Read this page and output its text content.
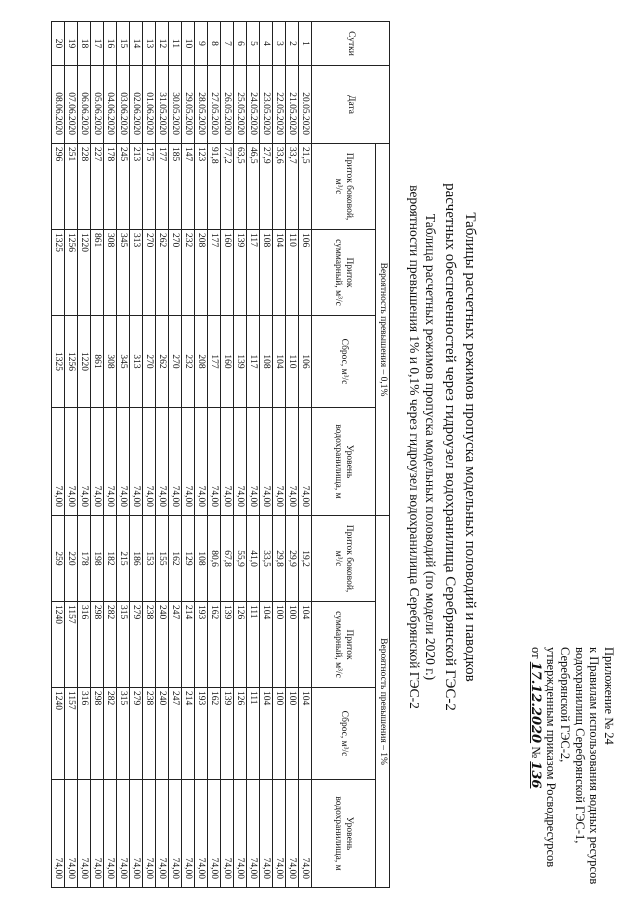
Приложение № 24
к Правилам использования водных ресурсов
водохранилищ Серебрянской ГЭС-1,
Серебрянской ГЭС-2,
утвержденным приказом Росводресурсов
от 17.12.2020 № 136
Таблицы расчетных режимов пропуска модельных половодий и паводков
расчетных обеспеченностей через гидроузел водохранилища Серебрянской ГЭС-2
Таблица расчетных режимов пропуска модельных половодий (по модели 2020 г.)
вероятности превышения 1% и 0,1% через гидроузел водохранилища Серебрянской ГЭС-2
Сутки	Дата	Вероятность превышения – 0,1%				Вероятность превышения – 1%			
		Приток боковой, м³/с	Приток суммарный, м³/с	Сброс, м³/с	Уровень водохранилища, м	Приток боковой, м³/с	Приток суммарный, м³/с	Сброс, м³/с	Уровень водохранилища, м
1	20.05.2020	21,5	106	106	74,00	19,2	104	104	74,00
2	21.05.2020	33,7	110	110	74,00	29,9	100	100	74,00
3	22.05.2020	33,6	104	104	74,00	29,8	100	100	74,00
4	23.05.2020	27,9	108	108	74,00	33,5	104	104	74,00
5	24.05.2020	46,5	117	117	74,00	41,0	111	111	74,00
6	25.05.2020	63,5	139	139	74,00	55,9	126	126	74,00
7	26.05.2020	77,2	160	160	74,00	67,8	139	139	74,00
8	27.05.2020	91,8	177	177	74,00	80,6	162	162	74,00
9	28.05.2020	123	208	208	74,00	108	193	193	74,00
10	29.05.2020	147	232	232	74,00	129	214	214	74,00
11	30.05.2020	185	270	270	74,00	162	247	247	74,00
12	31.05.2020	177	262	262	74,00	155	240	240	74,00
13	01.06.2020	175	270	270	74,00	153	238	238	74,00
14	02.06.2020	213	313	313	74,00	186	279	279	74,00
15	03.06.2020	245	345	345	74,00	215	315	315	74,00
16	04.06.2020	178	308	308	74,00	182	282	282	74,00
17	05.06.2020	227	861	861	74,00	198	298	298	74,00
18	06.06.2020	228	1220	1220	74,00	178	316	316	74,00
19	07.06.2020	251	1256	1256	74,00	220	1157	1157	74,00
20	08.06.2020	296	1325	1325	74,00	259	1240	1240	74,00
